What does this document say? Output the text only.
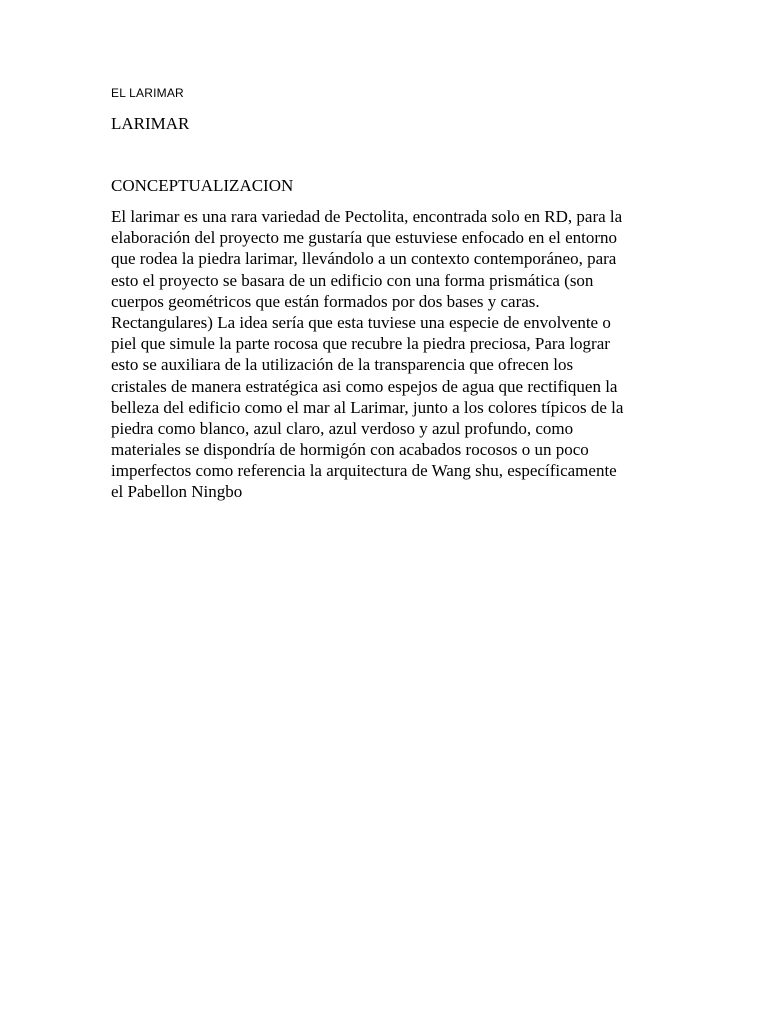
EL LARIMAR
LARIMAR
CONCEPTUALIZACION
El larimar es una rara variedad de Pectolita, encontrada solo en RD, para la
elaboración del proyecto me gustaría que estuviese enfocado en el entorno
que rodea la piedra larimar, llevándolo a un contexto contemporáneo, para
esto el proyecto se basara de un edificio con una forma prismática (son
cuerpos geométricos que están formados por dos bases y caras.
Rectangulares) La idea sería que esta tuviese una especie de envolvente o
piel que simule la parte rocosa que recubre la piedra preciosa, Para lograr
esto se auxiliara de la utilización de la transparencia que ofrecen los
cristales de manera estratégica asi como espejos de agua que rectifiquen la
belleza del edificio como el mar al Larimar, junto a los colores típicos de la
piedra como blanco, azul claro, azul verdoso y azul profundo, como
materiales se dispondría de hormigón con acabados rocosos o un poco
imperfectos como referencia la arquitectura de Wang shu, específicamente
el Pabellon Ningbo
